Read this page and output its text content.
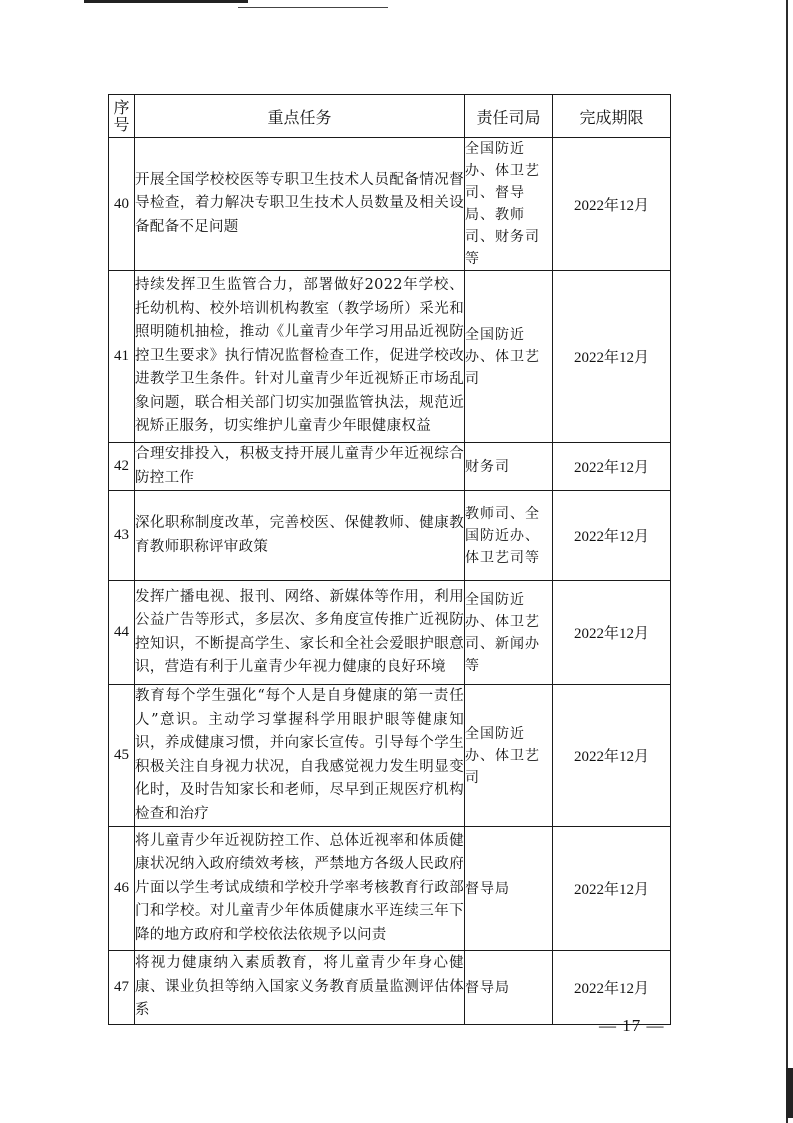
序号	重点任务	责任司局	完成期限
40	开展全国学校校医等专职卫生技术人员配备情况督导检查，着力解决专职卫生技术人员数量及相关设备配备不足问题	全国防近办、体卫艺司、督导局、教师司、财务司等	2022年12月
41	持续发挥卫生监管合力，部署做好2022年学校、托幼机构、校外培训机构教室（教学场所）采光和照明随机抽检，推动《儿童青少年学习用品近视防控卫生要求》执行情况监督检查工作，促进学校改进教学卫生条件。针对儿童青少年近视矫正市场乱象问题，联合相关部门切实加强监管执法，规范近视矫正服务，切实维护儿童青少年眼健康权益	全国防近办、体卫艺司	2022年12月
42	合理安排投入，积极支持开展儿童青少年近视综合防控工作	财务司	2022年12月
43	深化职称制度改革，完善校医、保健教师、健康教育教师职称评审政策	教师司、全国防近办、体卫艺司等	2022年12月
44	发挥广播电视、报刊、网络、新媒体等作用，利用公益广告等形式，多层次、多角度宣传推广近视防控知识，不断提高学生、家长和全社会爱眼护眼意识，营造有利于儿童青少年视力健康的良好环境	全国防近办、体卫艺司、新闻办等	2022年12月
45	教育每个学生强化“每个人是自身健康的第一责任人”意识。主动学习掌握科学用眼护眼等健康知识，养成健康习惯，并向家长宣传。引导每个学生积极关注自身视力状况，自我感觉视力发生明显变化时，及时告知家长和老师，尽早到正规医疗机构检查和治疗	全国防近办、体卫艺司	2022年12月
46	将儿童青少年近视防控工作、总体近视率和体质健康状况纳入政府绩效考核，严禁地方各级人民政府片面以学生考试成绩和学校升学率考核教育行政部门和学校。对儿童青少年体质健康水平连续三年下降的地方政府和学校依法依规予以问责	督导局	2022年12月
47	将视力健康纳入素质教育，将儿童青少年身心健康、课业负担等纳入国家义务教育质量监测评估体系	督导局	2022年12月
— 17 —
